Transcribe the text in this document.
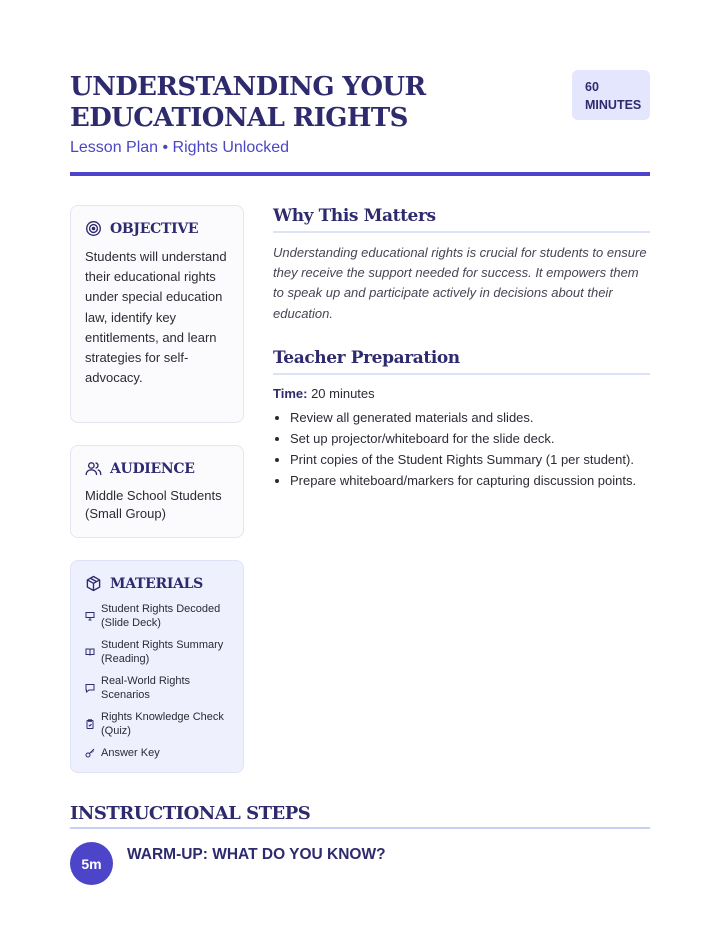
UNDERSTANDING YOUR EDUCATIONAL RIGHTS
Lesson Plan • Rights Unlocked
60
MINUTES
OBJECTIVE
Students will understand their educational rights under special education law, identify key entitlements, and learn strategies for self-advocacy.
AUDIENCE
Middle School Students (Small Group)
MATERIALS
Student Rights Decoded (Slide Deck)
Student Rights Summary (Reading)
Real-World Rights Scenarios
Rights Knowledge Check (Quiz)
Answer Key
Why This Matters

Understanding educational rights is crucial for students to ensure they receive the support needed for success. It empowers them to speak up and participate actively in decisions about their education.

Teacher Preparation
Time: 20 minutes
• Review all generated materials and slides.
• Set up projector/whiteboard for the slide deck.
• Print copies of the Student Rights Summary (1 per student).
• Prepare whiteboard/markers for capturing discussion points.
INSTRUCTIONAL STEPS
5m
WARM-UP: WHAT DO YOU KNOW?
